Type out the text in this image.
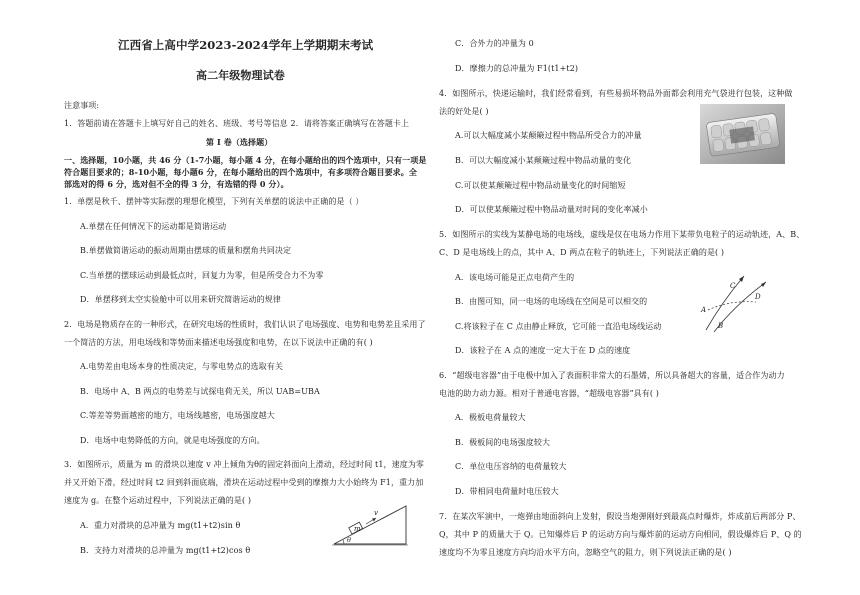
江西省上高中学2023-2024学年上学期期末考试
高二年级物理试卷
注意事项:
1．答题前请在答题卡上填写好自己的姓名、班级、考号等信息 2．请将答案正确填写在答题卡上
第 I 卷（选择题）
一、选择题，10小题，共 46 分（1-7小题，每小题 4 分，在每小题给出的四个选项中，只有一项是
符合题目要求的；8-10小题，每小题6 分，在每小题给出的四个选项中，有多项符合题目要求。全
部选对的得 6 分，选对但不全的得 3 分，有选错的得 0 分）。
1．单摆是秋千、摆钟等实际摆的理想化模型，下列有关单摆的说法中正确的是（ ）
A.单摆在任何情况下的运动都是简谐运动
B.单摆做简谐运动的振动周期由摆球的质量和摆角共同决定
C.当单摆的摆球运动到最低点时，回复力为零，但是所受合力不为零
D．单摆移到太空实验舱中可以用来研究简谐运动的规律
2．电场是物质存在的一种形式，在研究电场的性质时，我们认识了电场强度、电势和电势差且采用了
一个简洁的方法，用电场线和等势面来描述电场强度和电势，在以下说法中正确的有( )
A.电势差由电场本身的性质决定，与零电势点的选取有关
B．电场中 A、B 两点的电势差与试探电荷无关，所以 UAB=UBA
C.等差等势面越密的地方，电场线越密，电场强度越大
D．电场中电势降低的方向，就是电场强度的方向。
3．如图所示，质量为 m 的滑块以速度 v 冲上倾角为θ的固定斜面向上滑动，经过时间 t1，速度为零
并又开始下滑，经过时间 t2 回到斜面底端，滑块在运动过程中受到的摩擦力大小始终为 F1，重力加
速度为 g。在整个运动过程中，下列说法正确的是( )
A．重力对滑块的总冲量为 mg(t1+t2)sin θ
B．支持力对滑块的总冲量为 mg(t1+t2)cos θ
m
v
θ
C．合外力的冲量为 0
D．摩擦力的总冲量为 F1(t1+t2)
4．如图所示，快递运输时，我们经常看到，有些易损坏物品外面都会利用充气袋进行包装，这种做
法的好处是( )
A.可以大幅度减小某颠簸过程中物品所受合力的冲量
B．可以大幅度减小某颠簸过程中物品动量的变化
C.可以使某颠簸过程中物品动量变化的时间缩短
D．可以使某颠簸过程中物品动量对时间的变化率减小
5．如图所示的实线为某静电场的电场线，虚线是仅在电场力作用下某带负电粒子的运动轨迹，A、B、
C、D 是电场线上的点，其中 A、D 两点在粒子的轨迹上，下列说法正确的是( )
A．该电场可能是正点电荷产生的
B．由图可知，同一电场的电场线在空间是可以相交的
C.将该粒子在 C 点由静止释放，它可能一直沿电场线运动
D．该粒子在 A 点的速度一定大于在 D 点的速度
A
B
C
D
6．“超级电容器”由于电极中加入了表面积非常大的石墨烯，所以具备超大的容量，适合作为动力
电池的助力动力源。相对于普通电容器，“超级电容器”具有( )
A．极板电荷量较大
B．极板间的电场强度较大
C．单位电压容纳的电荷量较大
D．带相同电荷量时电压较大
7．在某次军演中，一炮弹由地面斜向上发射，假设当炮弹刚好到最高点时爆炸，炸成前后两部分 P、
Q，其中 P 的质量大于 Q。已知爆炸后 P 的运动方向与爆炸前的运动方向相同，假设爆炸后 P、Q 的
速度均不为零且速度方向均沿水平方向，忽略空气的阻力，则下列说法正确的是( )
